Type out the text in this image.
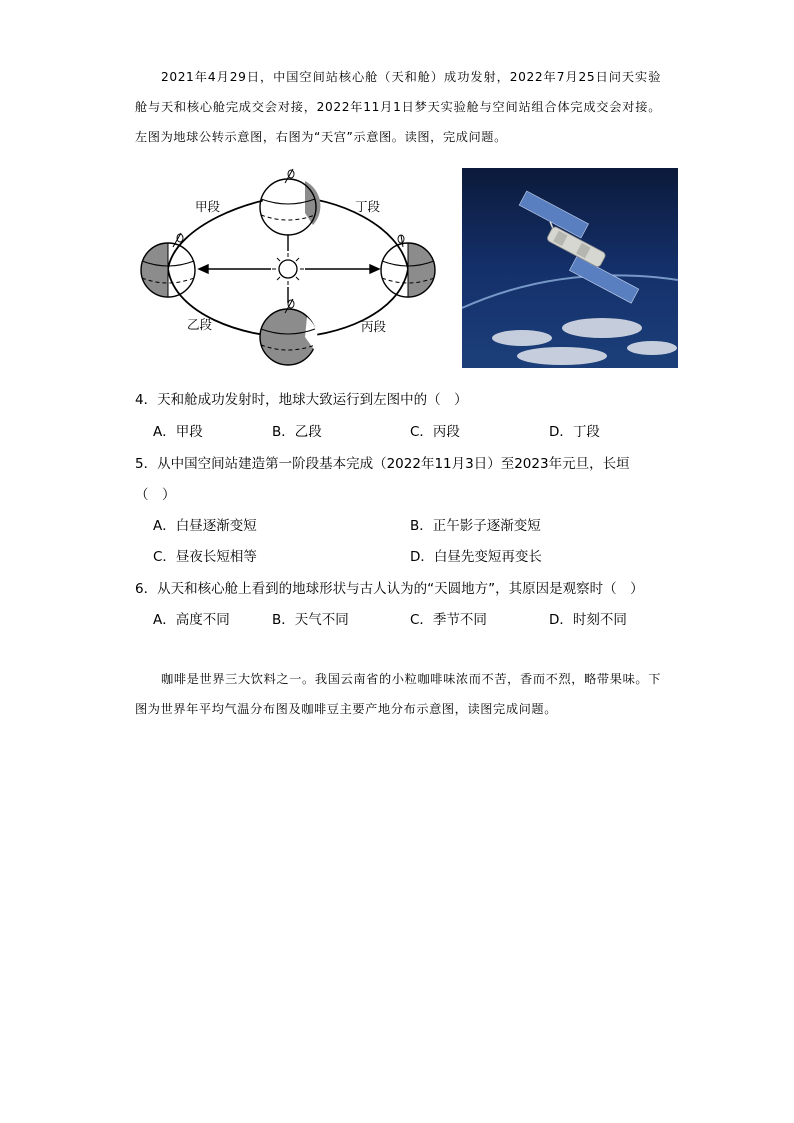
2021年4月29日，中国空间站核心舱（天和舱）成功发射，2022年7月25日问天实验舱与天和核心舱完成交会对接，2022年11月1日梦天实验舱与空间站组合体完成交会对接。左图为地球公转示意图，右图为“天宫”示意图。读图，完成问题。
甲段	丁段
乙段	丙段
4．天和舱成功发射时，地球大致运行到左图中的（　）
A．甲段	B．乙段	C．丙段	D．丁段
5．从中国空间站建造第一阶段基本完成（2022年11月3日）至2023年元旦，长垣
（　）
A．白昼逐渐变短	B．正午影子逐渐变短
C．昼夜长短相等	D．白昼先变短再变长
6．从天和核心舱上看到的地球形状与古人认为的“天圆地方”，其原因是观察时（　）
A．高度不同	B．天气不同	C．季节不同	D．时刻不同
咖啡是世界三大饮料之一。我国云南省的小粒咖啡味浓而不苦，香而不烈，略带果味。下图为世界年平均气温分布图及咖啡豆主要产地分布示意图，读图完成问题。
